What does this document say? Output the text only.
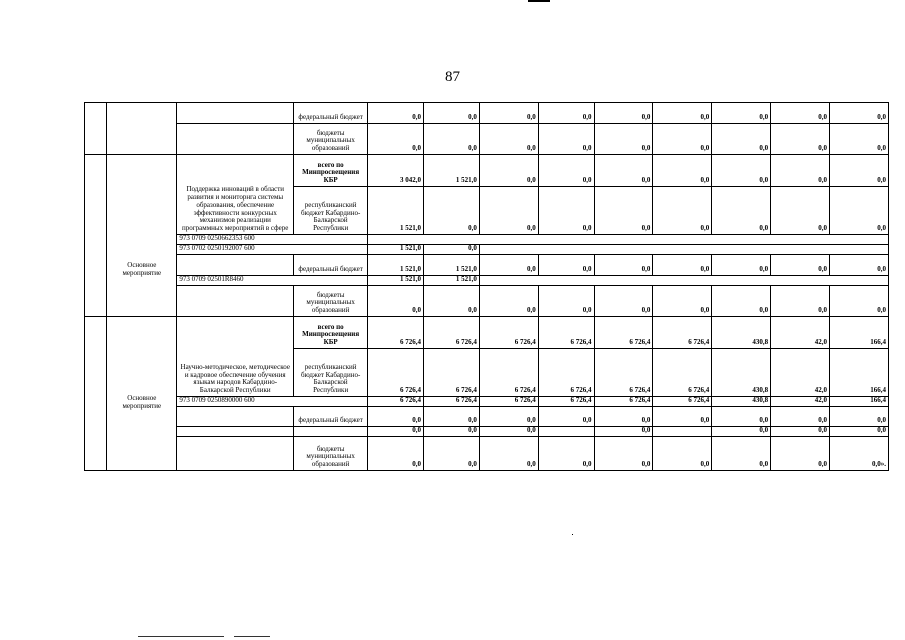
87
			федеральный бюджет	0,0	0,0	0,0	0,0	0,0	0,0	0,0	0,0	0,0
			бюджеты муниципальных образований	0,0	0,0	0,0	0,0	0,0	0,0	0,0	0,0	0,0
	Основное мероприятие	Поддержка инноваций в области развития и мониторнга системы образования, обеспечение эффективности конкурсных механизмов реализации программных мероприятий в сфере	всего по Минпросвещения КБР	3 042,0	1 521,0	0,0	0,0	0,0	0,0	0,0	0,0	0,0
			республиканский бюджет Кабардино-Балкарской Республики	1 521,0	0,0	0,0	0,0	0,0	0,0	0,0	0,0	0,0
		973 0709 0250662353 600										
		973 0702 0250192007 600		1 521,0	0,0							
			федеральный бюджет	1 521,0	1 521,0	0,0	0,0	0,0	0,0	0,0	0,0	0,0
		973 0709 02501R8460		1 521,0	1 521,0							
			бюджеты муниципальных образований	0,0	0,0	0,0	0,0	0,0	0,0	0,0	0,0	0,0
	Основное мероприятие	Научно-методическое, методическое и кадровое обеспечение обучения языкам народов Кабардино-Балкарской Республики	всего по Минпросвещения КБР	6 726,4	6 726,4	6 726,4	6 726,4	6 726,4	6 726,4	430,8	42,0	166,4
			республиканский бюджет Кабардино-Балкарской Республики	6 726,4	6 726,4	6 726,4	6 726,4	6 726,4	6 726,4	430,8	42,0	166,4
		973 0709 0250890000 600		6 726,4	6 726,4	6 726,4	6 726,4	6 726,4	6 726,4	430,8	42,0	166,4
			федеральный бюджет	0,0	0,0	0,0	0,0	0,0	0,0	0,0	0,0	0,0
				0,0	0,0	0,0		0,0		0,0	0,0	0,0
			бюджеты муниципальных образований	0,0	0,0	0,0	0,0	0,0	0,0	0,0	0,0	0,0».
